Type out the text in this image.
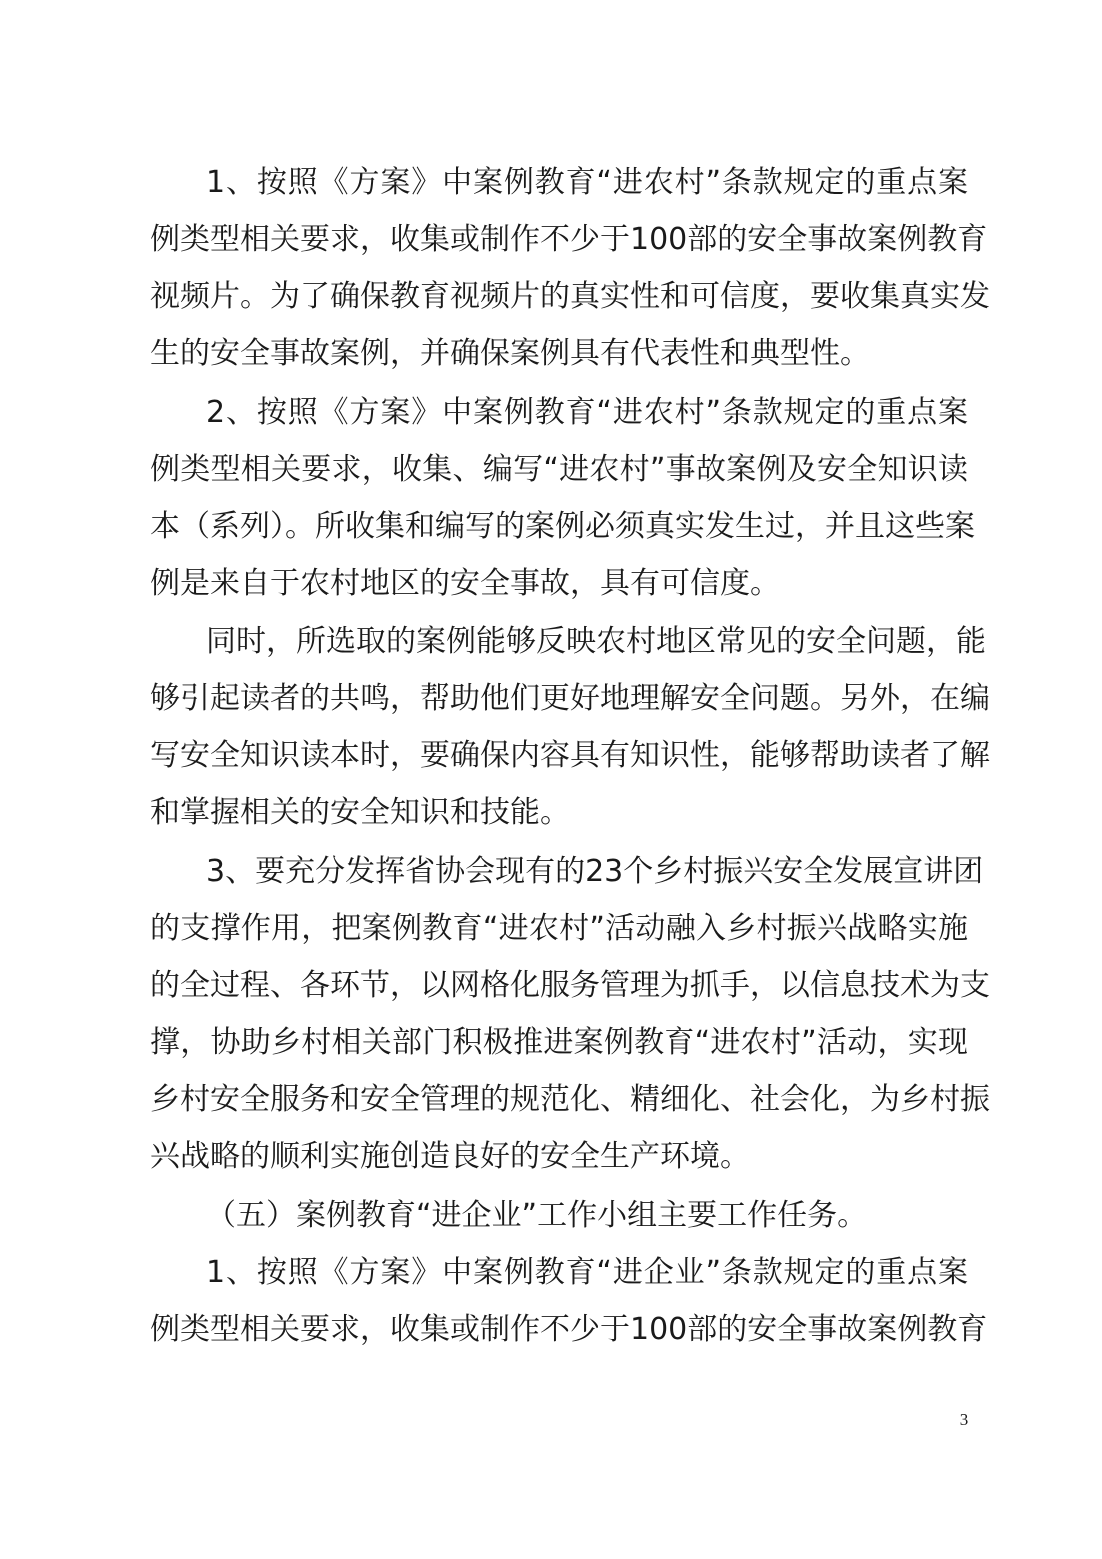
1、按照《方案》中案例教育“进农村”条款规定的重点案
例类型相关要求，收集或制作不少于100部的安全事故案例教育
视频片。为了确保教育视频片的真实性和可信度，要收集真实发
生的安全事故案例，并确保案例具有代表性和典型性。
2、按照《方案》中案例教育“进农村”条款规定的重点案
例类型相关要求，收集、编写“进农村”事故案例及安全知识读
本（系列）。所收集和编写的案例必须真实发生过，并且这些案
例是来自于农村地区的安全事故，具有可信度。
同时，所选取的案例能够反映农村地区常见的安全问题，能
够引起读者的共鸣，帮助他们更好地理解安全问题。另外，在编
写安全知识读本时，要确保内容具有知识性，能够帮助读者了解
和掌握相关的安全知识和技能。
3、要充分发挥省协会现有的23个乡村振兴安全发展宣讲团
的支撑作用，把案例教育“进农村”活动融入乡村振兴战略实施
的全过程、各环节，以网格化服务管理为抓手，以信息技术为支
撑，协助乡村相关部门积极推进案例教育“进农村”活动，实现
乡村安全服务和安全管理的规范化、精细化、社会化，为乡村振
兴战略的顺利实施创造良好的安全生产环境。
（五）案例教育“进企业”工作小组主要工作任务。
1、按照《方案》中案例教育“进企业”条款规定的重点案
例类型相关要求，收集或制作不少于100部的安全事故案例教育
3
